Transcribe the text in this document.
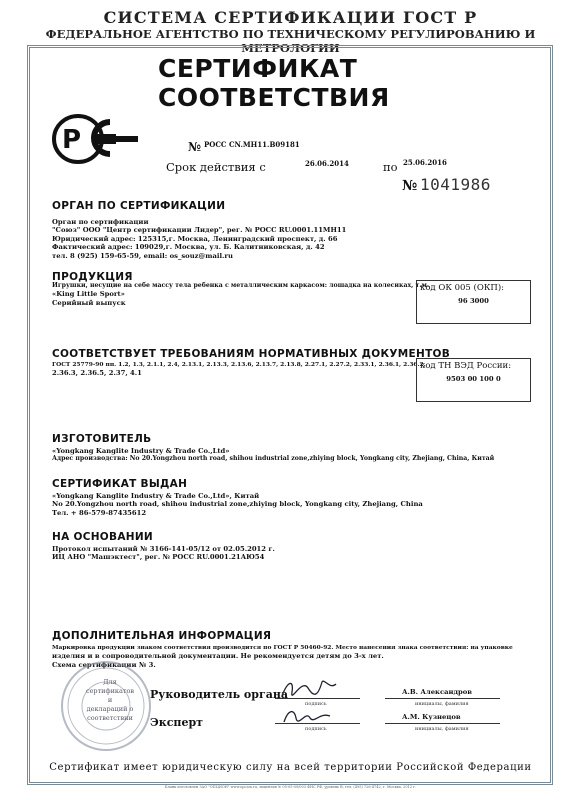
СИСТЕМА СЕРТИФИКАЦИИ ГОСТ Р
ФЕДЕРАЛЬНОЕ АГЕНТСТВО ПО ТЕХНИЧЕСКОМУ РЕГУЛИРОВАНИЮ И МЕТРОЛОГИИ
Р
СЕРТИФИКАТ СООТВЕТСТВИЯ
№ РОСС CN.МН11.В09181
Срок действия с	26.06.2014	по 25.06.2016
№ 1041986
ОРГАН ПО СЕРТИФИКАЦИИ
Орган по сертификации
"Союз" ООО "Центр сертификации Лидер", рег. № РОСС RU.0001.11МН11
Юридический адрес: 125315,г. Москва, Ленинградский проспект, д. 66
Фактический адрес: 109029,г. Москва, ул. Б. Калитниковская, д. 42
тел. 8 (925) 159-65-59, email: os_souz@mail.ru
ПРОДУКЦИЯ
Игрушки, несущие на себе массу тела ребенка с металлическим каркасом: лошадка на колесиках, т.м.
«King Little Sport»
Серийный выпуск
код ОК 005 (ОКП):
96 3000
СООТВЕТСТВУЕТ ТРЕБОВАНИЯМ НОРМАТИВНЫХ ДОКУМЕНТОВ
ГОСТ 25779-90 пп. 1.2, 1.3, 2.1.1, 2.4, 2.13.1, 2.13.3, 2.13.6, 2.13.7, 2.13.8, 2.27.1, 2.27.2, 2.33.1, 2.36.1, 2.36.2,
2.36.3, 2.36.5, 2.37, 4.1
код ТН ВЭД России:
9503 00 100 0
ИЗГОТОВИТЕЛЬ
«Yongkang Kanglite Industry & Trade Co.,Ltd»
Адрес производства: No 20.Yongzhou north road, shihou industrial zone,zhiying block, Yongkang city, Zhejiang, China, Китай
СЕРТИФИКАТ ВЫДАН
«Yongkang Kanglite Industry & Trade Co.,Ltd», Китай
No 20.Yongzhou north road, shihou industrial zone,zhiying block, Yongkang city, Zhejiang, China
Тел. + 86-579-87435612
НА ОСНОВАНИИ
Протокол испытаний № 3166-141-05/12 от 02.05.2012 г.
ИЦ АНО "Машэктест", рег. № РОСС RU.0001.21АЮ54
ДОПОЛНИТЕЛЬНАЯ ИНФОРМАЦИЯ
Маркировка продукции знаком соответствия производится по ГОСТ Р 50460-92. Место нанесения знака соответствия: на упаковке
изделия и в сопроводительной документации. Не рекомендуется детям до 3-х лет.
Схема сертификации № 3.
Для
сертификатов и
деклараций о
соответствии
Руководитель органа
подпись
А.В. Александров
инициалы, фамилия
Эксперт	подпись
А.М. Кузнецов
инициалы, фамилия
Сертификат имеет юридическую силу на всей территории Российской Федерации
Бланк изготовлен ЗАО "ОПЦИОН" www.opcion.ru, лицензия № 05-05-09/003 ФНС РФ, уровень В, тел. (495) 726-4742, г. Москва, 2012 г.
